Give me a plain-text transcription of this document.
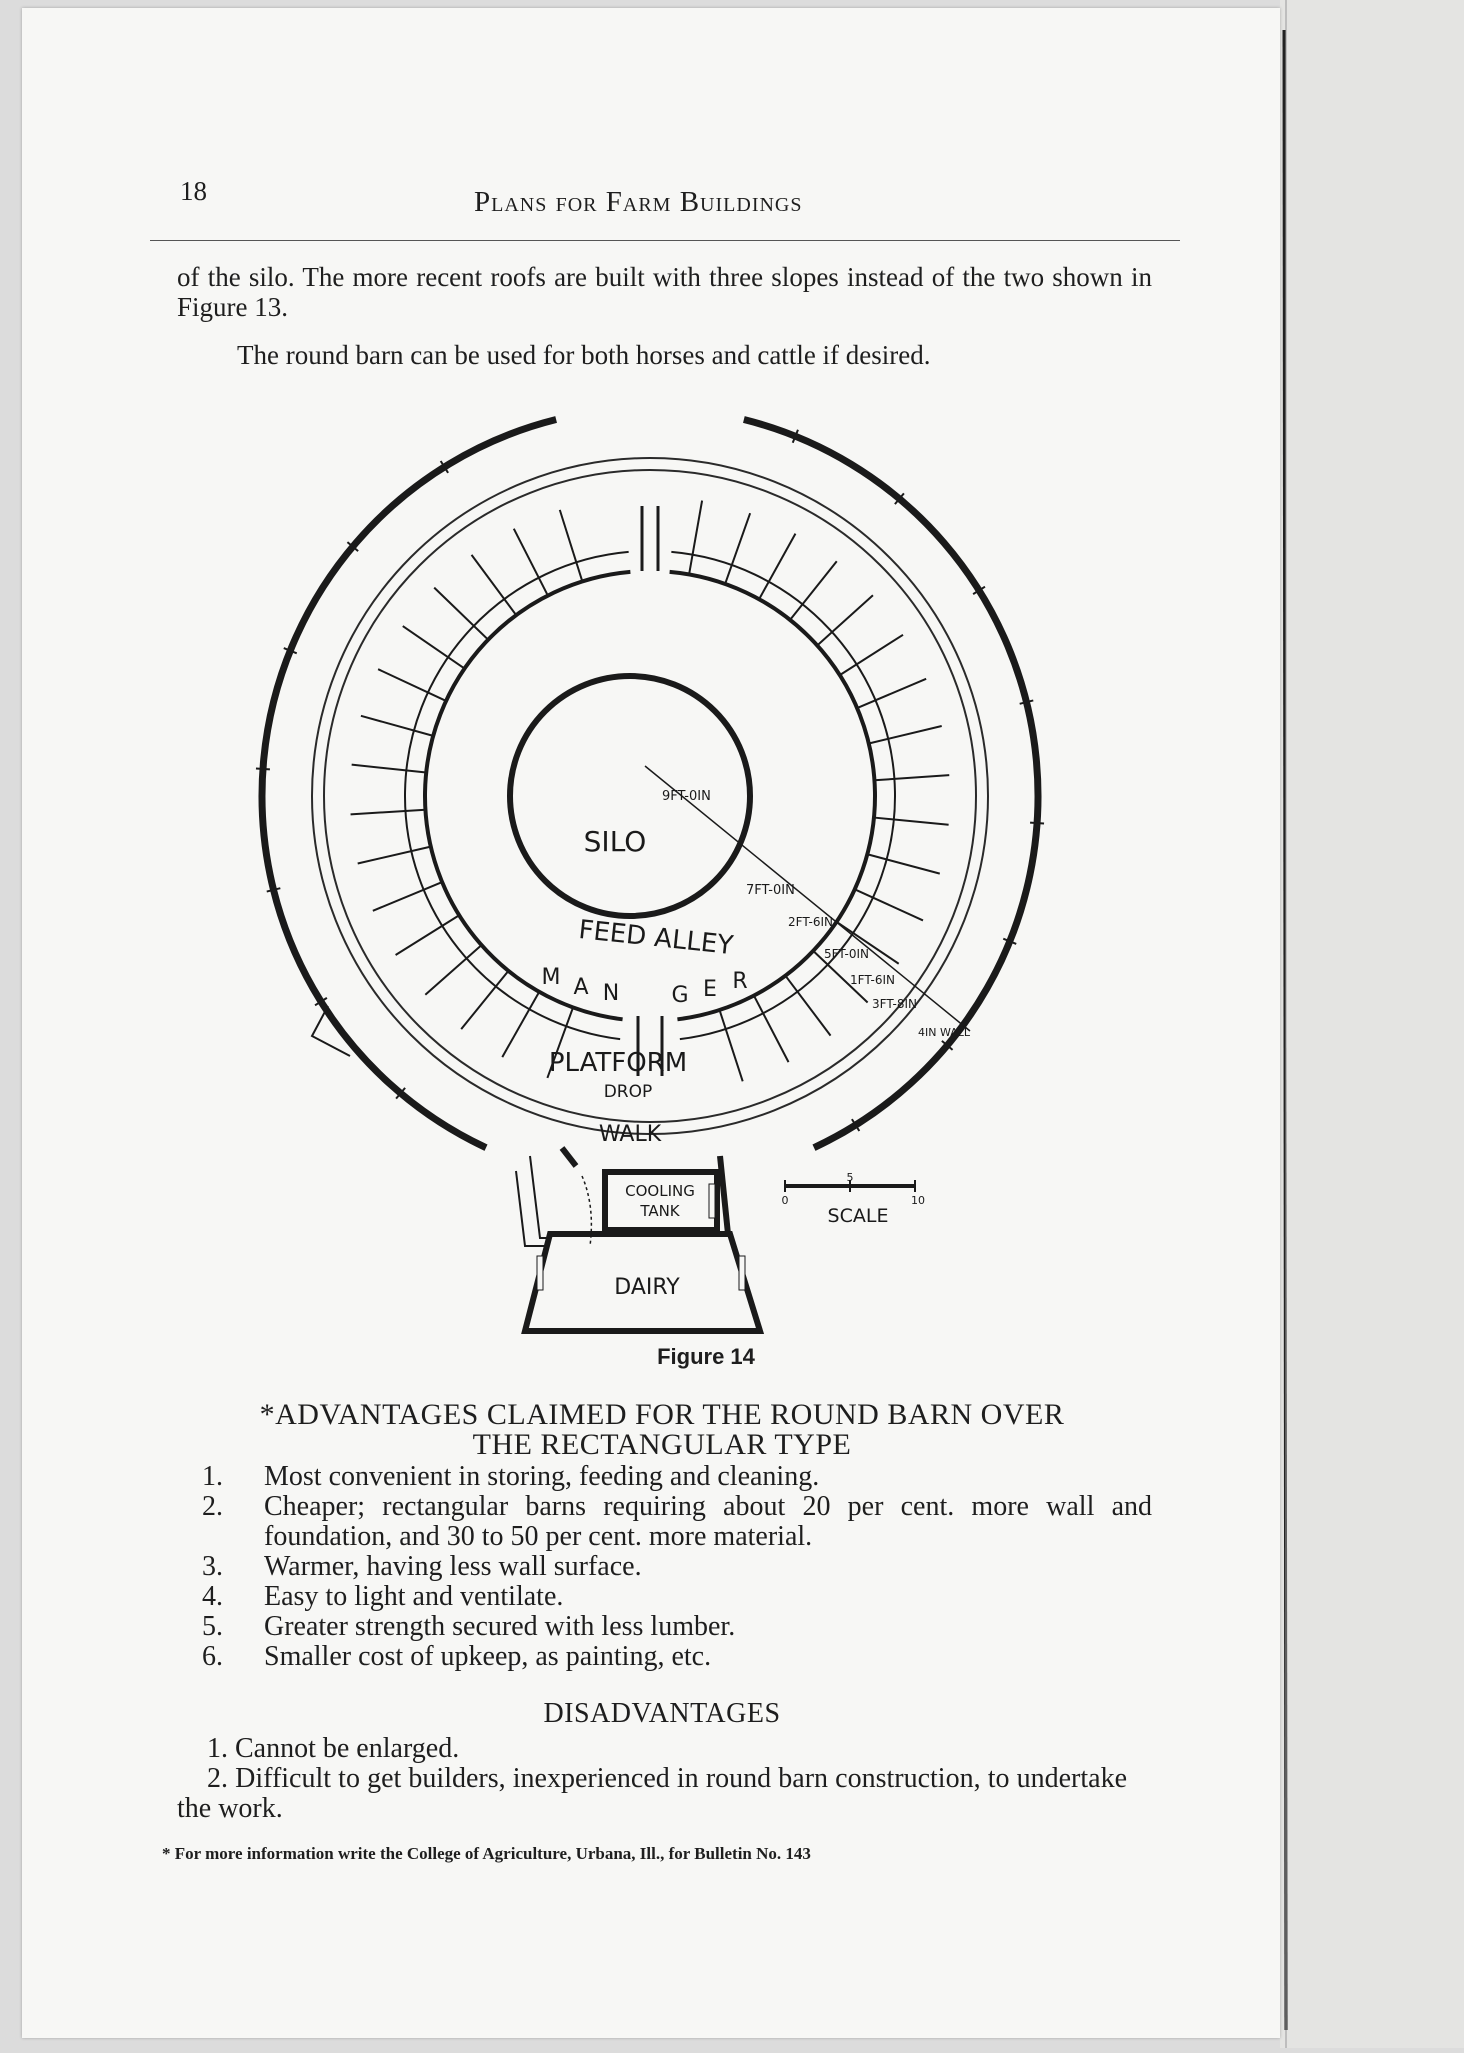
18	Plans for Farm Buildings
of the silo. The more recent roofs are built with three slopes instead of the two shown in Figure 13.
The round barn can be used for both horses and cattle if desired.
SILO
FEED ALLEY
M A N G E R
PLATFORM
DROP
WALK
COOLING
TANK
DAIRY
0
5
10
SCALE
9FT-0IN
7FT-0IN
2FT-6IN
5FT-0IN
1FT-6IN
3FT-8IN
4IN WALL
Figure 14
*ADVANTAGES CLAIMED FOR THE ROUND BARN OVER
THE RECTANGULAR TYPE
1.	Most convenient in storing, feeding and cleaning.
2.	Cheaper; rectangular barns requiring about 20 per cent. more wall and foundation, and 30 to 50 per cent. more material.
3.	Warmer, having less wall surface.
4.	Easy to light and ventilate.
5.	Greater strength secured with less lumber.
6.	Smaller cost of upkeep, as painting, etc.
DISADVANTAGES
1. Cannot be enlarged.
2. Difficult to get builders, inexperienced in round barn construction, to undertake the work.
* For more information write the College of Agriculture, Urbana, Ill., for Bulletin No. 143
